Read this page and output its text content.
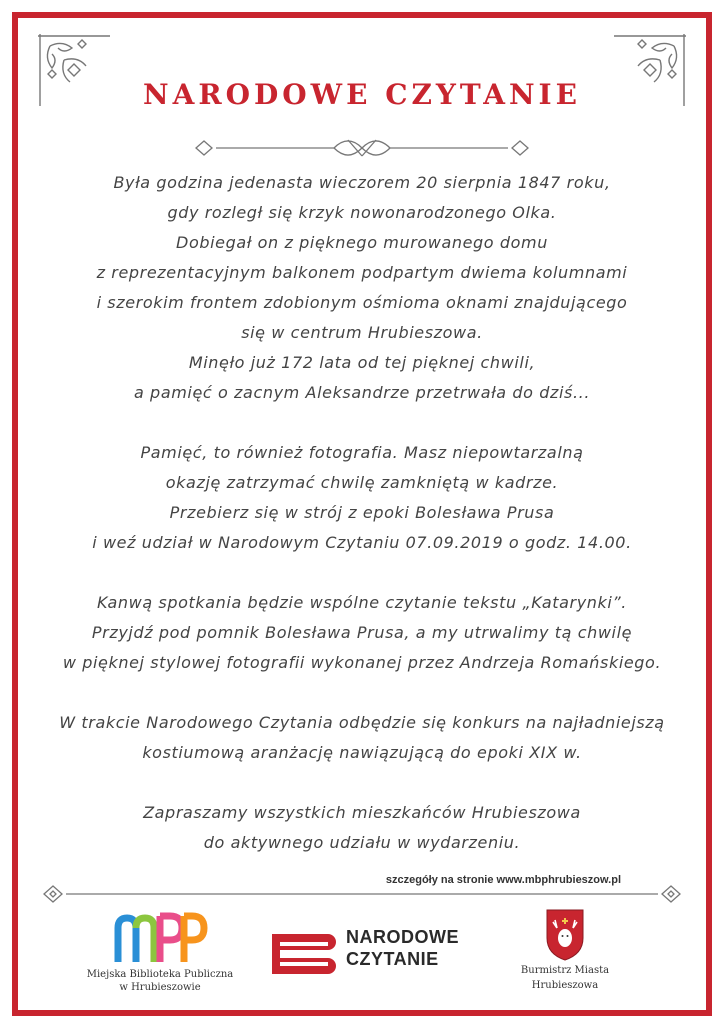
NARODOWE CZYTANIE

Była godzina jedenasta wieczorem 20 sierpnia 1847 roku,
gdy rozległ się krzyk nowonarodzonego Olka.
Dobiegał on z pięknego murowanego domu
z reprezentacyjnym balkonem podpartym dwiema kolumnami
i szerokim frontem zdobionym ośmioma oknami znajdującego
się w centrum Hrubieszowa.
Minęło już 172 lata od tej pięknej chwili,
a pamięć o zacnym Aleksandrze przetrwała do dziś...

Pamięć, to również fotografia. Masz niepowtarzalną
okazję zatrzymać chwilę zamkniętą w kadrze.
Przebierz się w strój z epoki Bolesława Prusa
i weź udział w Narodowym Czytaniu 07.09.2019 o godz. 14.00.

Kanwą spotkania będzie wspólne czytanie tekstu „Katarynki”.
Przyjdź pod pomnik Bolesława Prusa, a my utrwalimy tą chwilę
w pięknej stylowej fotografii wykonanej przez Andrzeja Romańskiego.

W trakcie Narodowego Czytania odbędzie się konkurs na najładniejszą
kostiumową aranżację nawiązującą do epoki XIX w.

Zapraszamy wszystkich mieszkańców Hrubieszowa
do aktywnego udziału w wydarzeniu.

szczegóły na stronie www.mbphrubieszow.pl
Miejska Biblioteka Publiczna
w Hrubieszowie
NARODOWE
CZYTANIE
Burmistrz Miasta
Hrubieszowa
